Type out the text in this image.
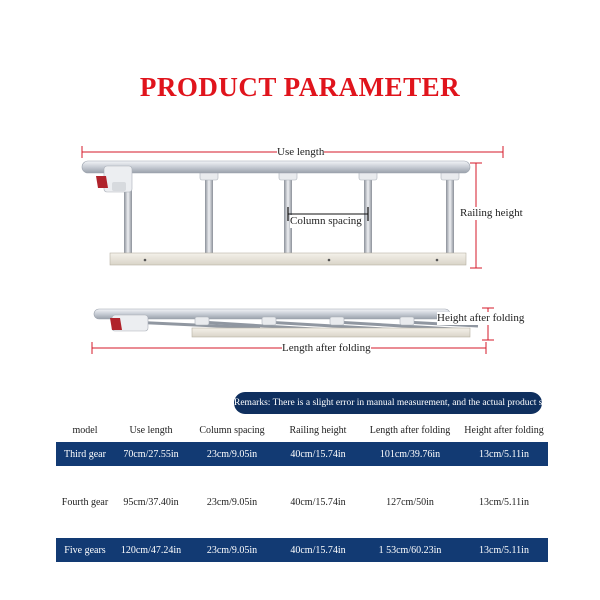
PRODUCT PARAMETER
Use length
Railing height
Column spacing
Height after folding
Length after folding
Remarks: There is a slight error in manual measurement, and the actual product shall prevail
model	Use length	Column spacing	Railing height	Length after folding	Height after folding
Third gear	70cm/27.55in	23cm/9.05in	40cm/15.74in	101cm/39.76in	13cm/5.11in

Fourth gear	95cm/37.40in	23cm/9.05in	40cm/15.74in	127cm/50in	13cm/5.11in

Five gears	120cm/47.24in	23cm/9.05in	40cm/15.74in	1 53cm/60.23in	13cm/5.11in
